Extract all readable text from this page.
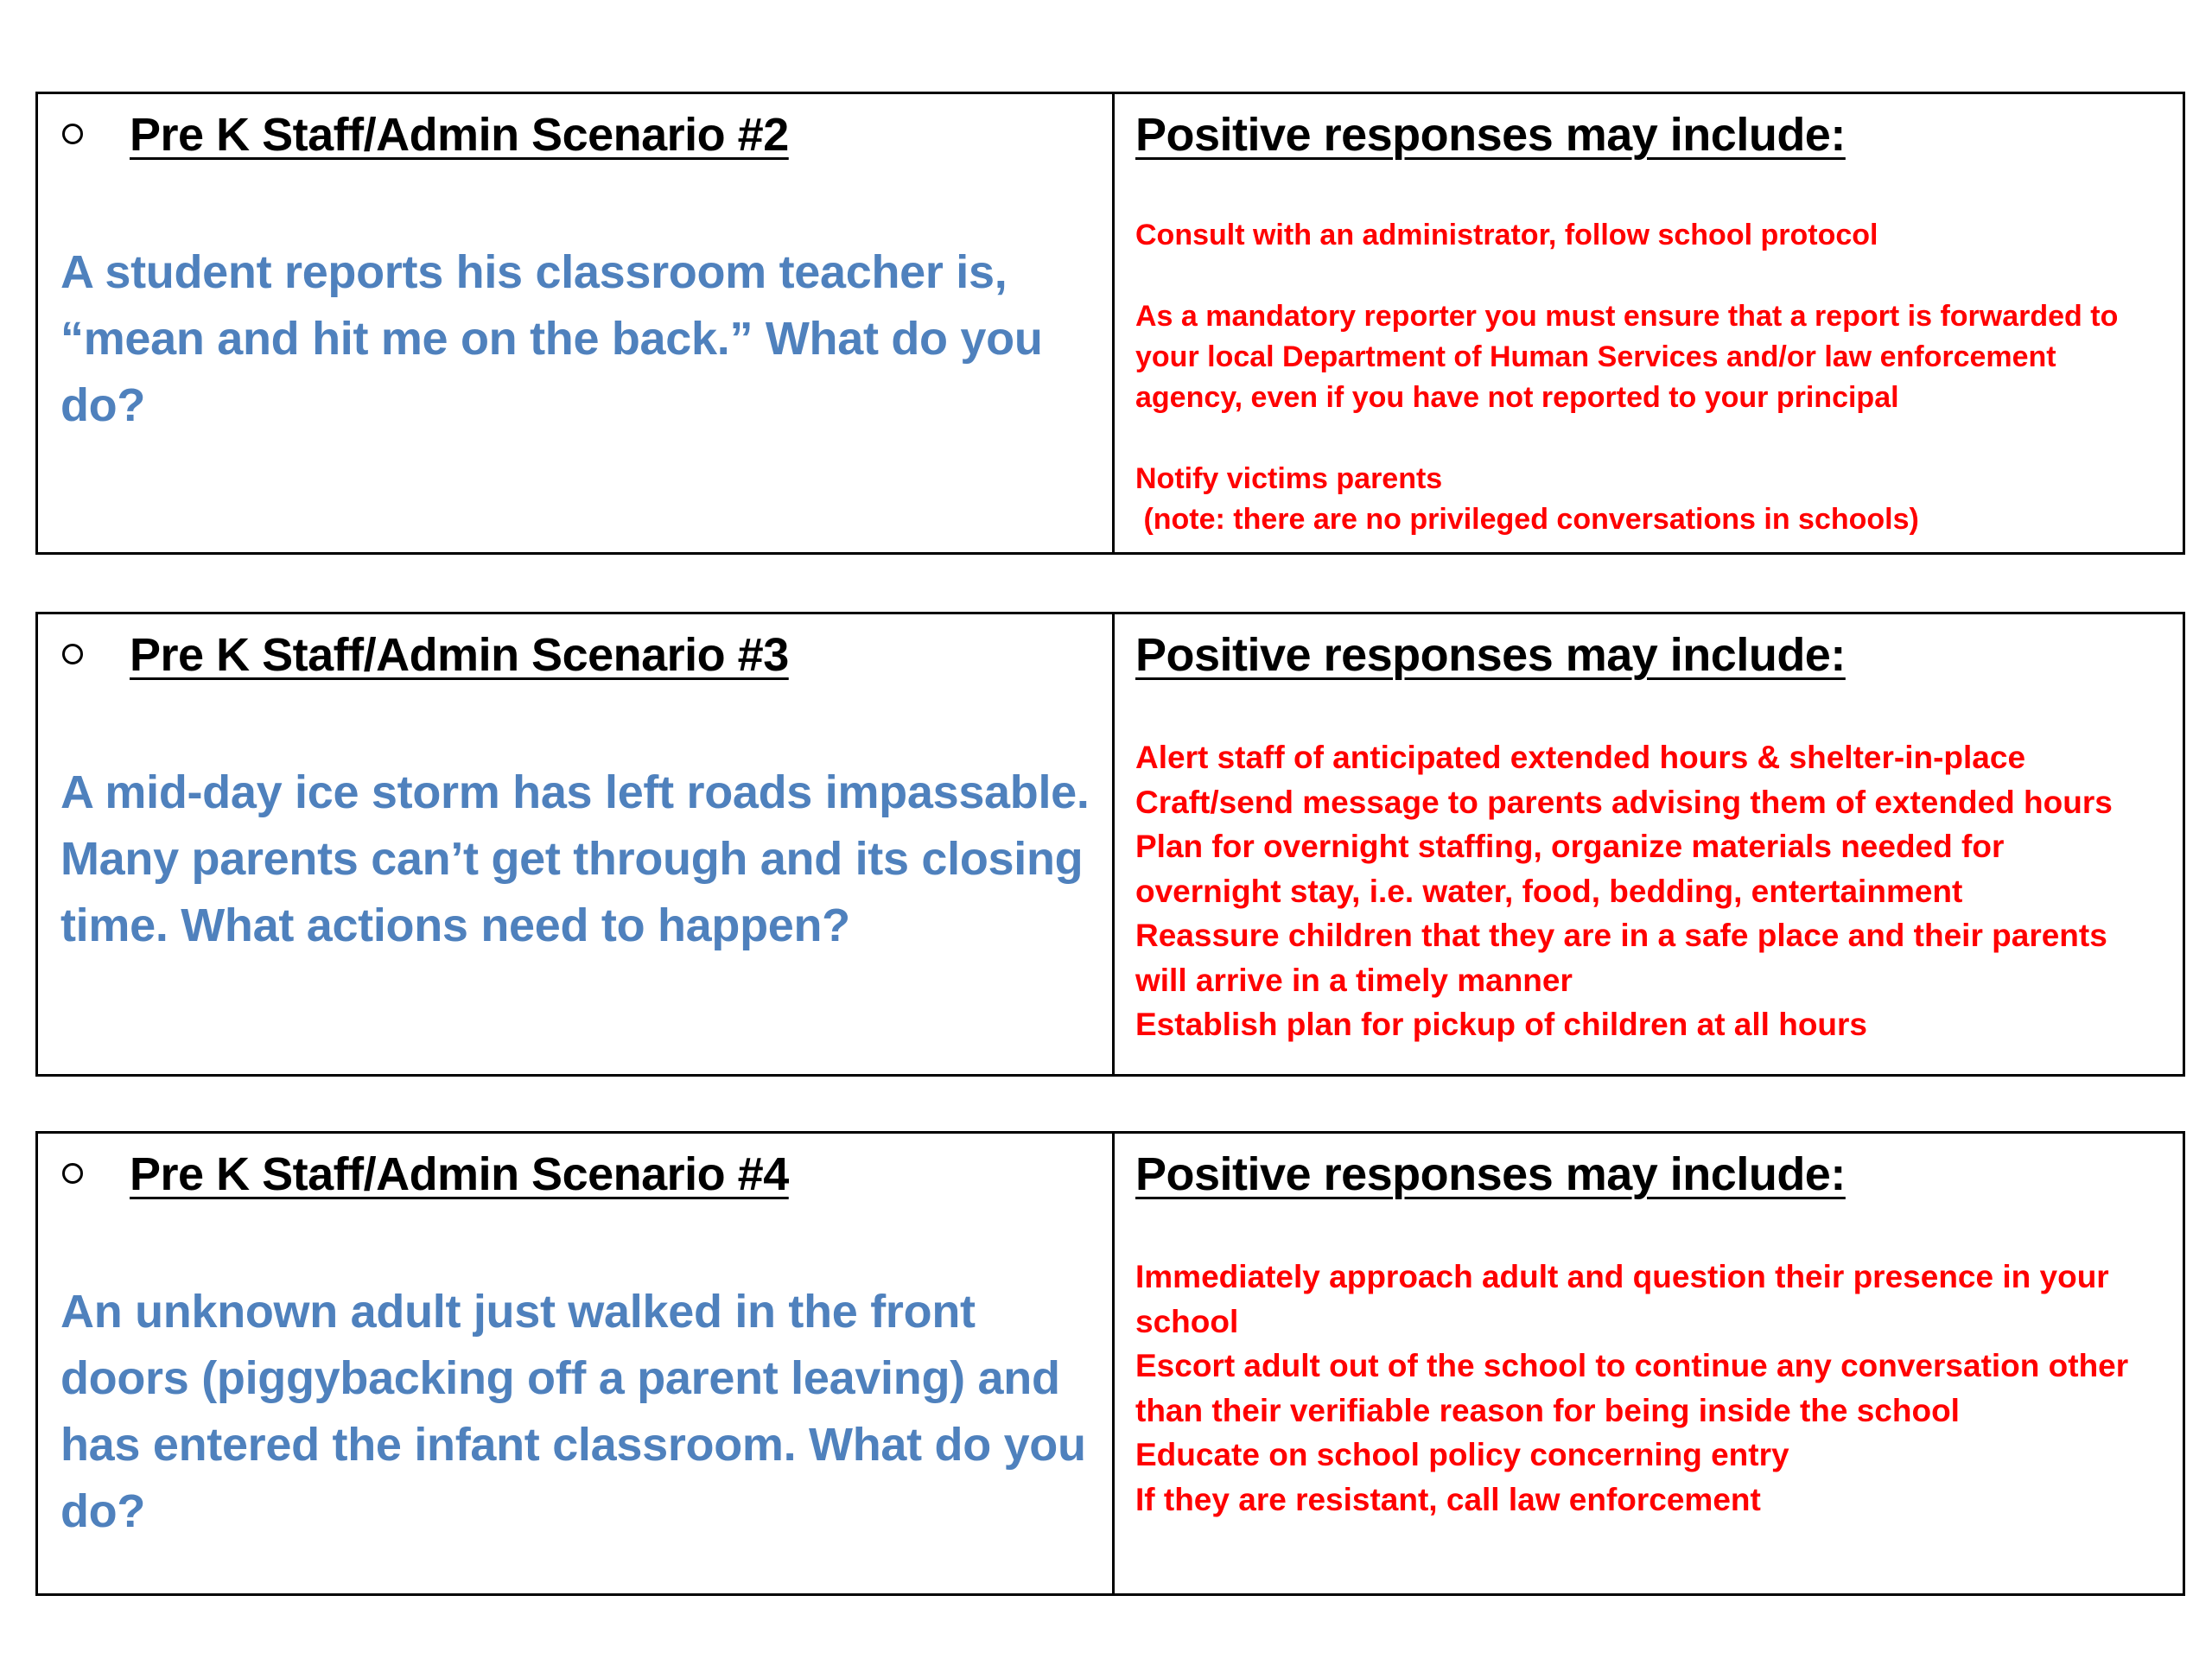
Pre K Staff/Admin Scenario #2
A student reports his classroom teacher is, “mean and hit me on the back.” What do you do?
Positive responses may include:
Consult with an administrator, follow school protocol
As a mandatory reporter you must ensure that a report is forwarded to
your local Department of Human Services and/or law enforcement
agency, even if you have not reported to your principal
Notify victims parents
(note: there are no privileged conversations in schools)
Pre K Staff/Admin Scenario #3
A mid-day ice storm has left roads impassable. Many parents can’t get through and its closing time. What actions need to happen?
Positive responses may include:
Alert staff of anticipated extended hours & shelter-in-place
Craft/send message to parents advising them of extended hours
Plan for overnight staffing, organize materials needed for
overnight stay, i.e. water, food, bedding, entertainment
Reassure children that they are in a safe place and their parents
will arrive in a timely manner
Establish plan for pickup of children at all hours
Pre K Staff/Admin Scenario #4
An unknown adult just walked in the front doors (piggybacking off a parent leaving) and has entered the infant classroom. What do you do?
Positive responses may include:
Immediately approach adult and question their presence in your
school
Escort adult out of the school to continue any conversation other
than their verifiable reason for being inside the school
Educate on school policy concerning entry
If they are resistant, call law enforcement
